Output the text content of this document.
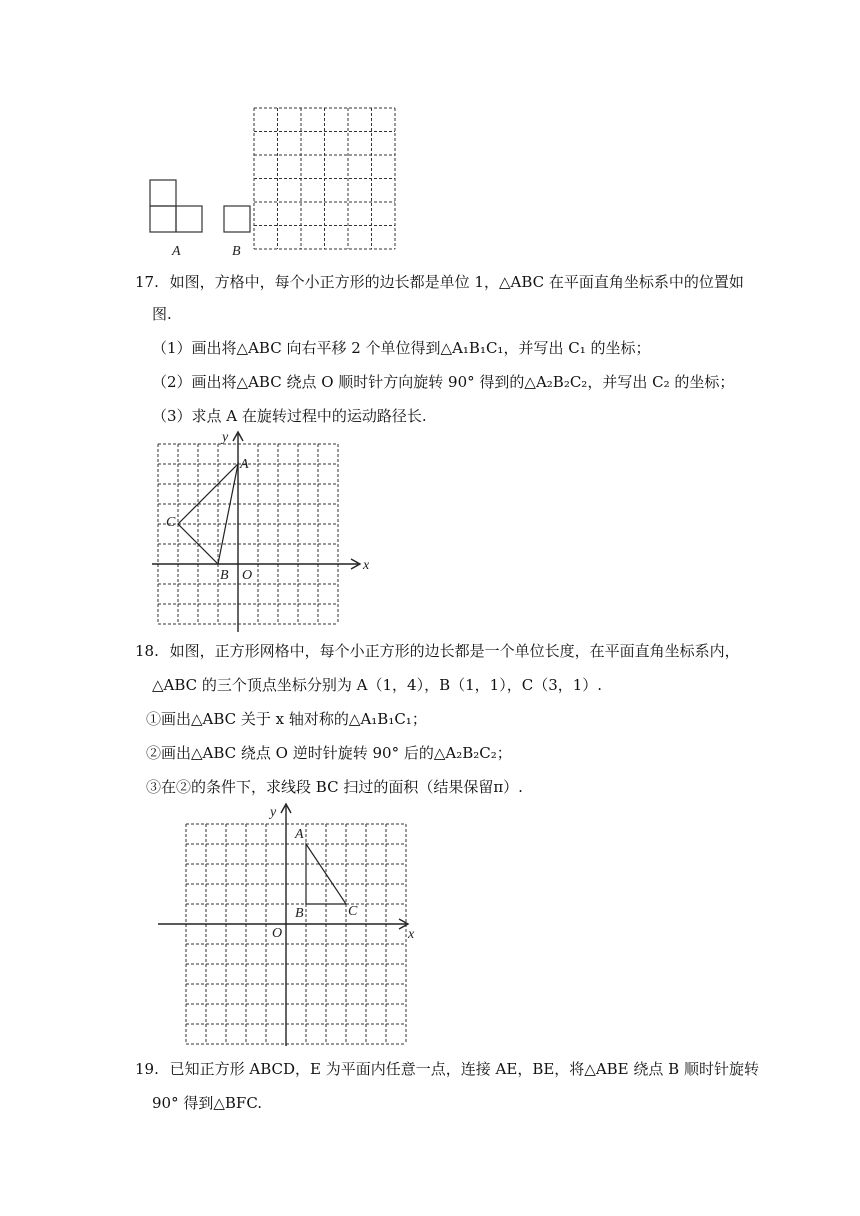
A	B
17. 如图，方格中，每个小正方形的边长都是单位 1，△ABC 在平面直角坐标系中的位置如
图.
（1）画出将△ABC 向右平移 2 个单位得到△A₁B₁C₁，并写出 C₁ 的坐标；
（2）画出将△ABC 绕点 O 顺时针方向旋转 90° 得到的△A₂B₂C₂，并写出 C₂ 的坐标；
（3）求点 A 在旋转过程中的运动路径长.
x
y
A
B
C
O
18. 如图，正方形网格中，每个小正方形的边长都是一个单位长度，在平面直角坐标系内，
△ABC 的三个顶点坐标分别为 A（1，4），B（1，1），C（3，1）.
①画出△ABC 关于 x 轴对称的△A₁B₁C₁；
②画出△ABC 绕点 O 逆时针旋转 90° 后的△A₂B₂C₂；
③在②的条件下，求线段 BC 扫过的面积（结果保留π）.
x
y
A
B	C
O
19. 已知正方形 ABCD，E 为平面内任意一点，连接 AE，BE，将△ABE 绕点 B 顺时针旋转
90° 得到△BFC.
